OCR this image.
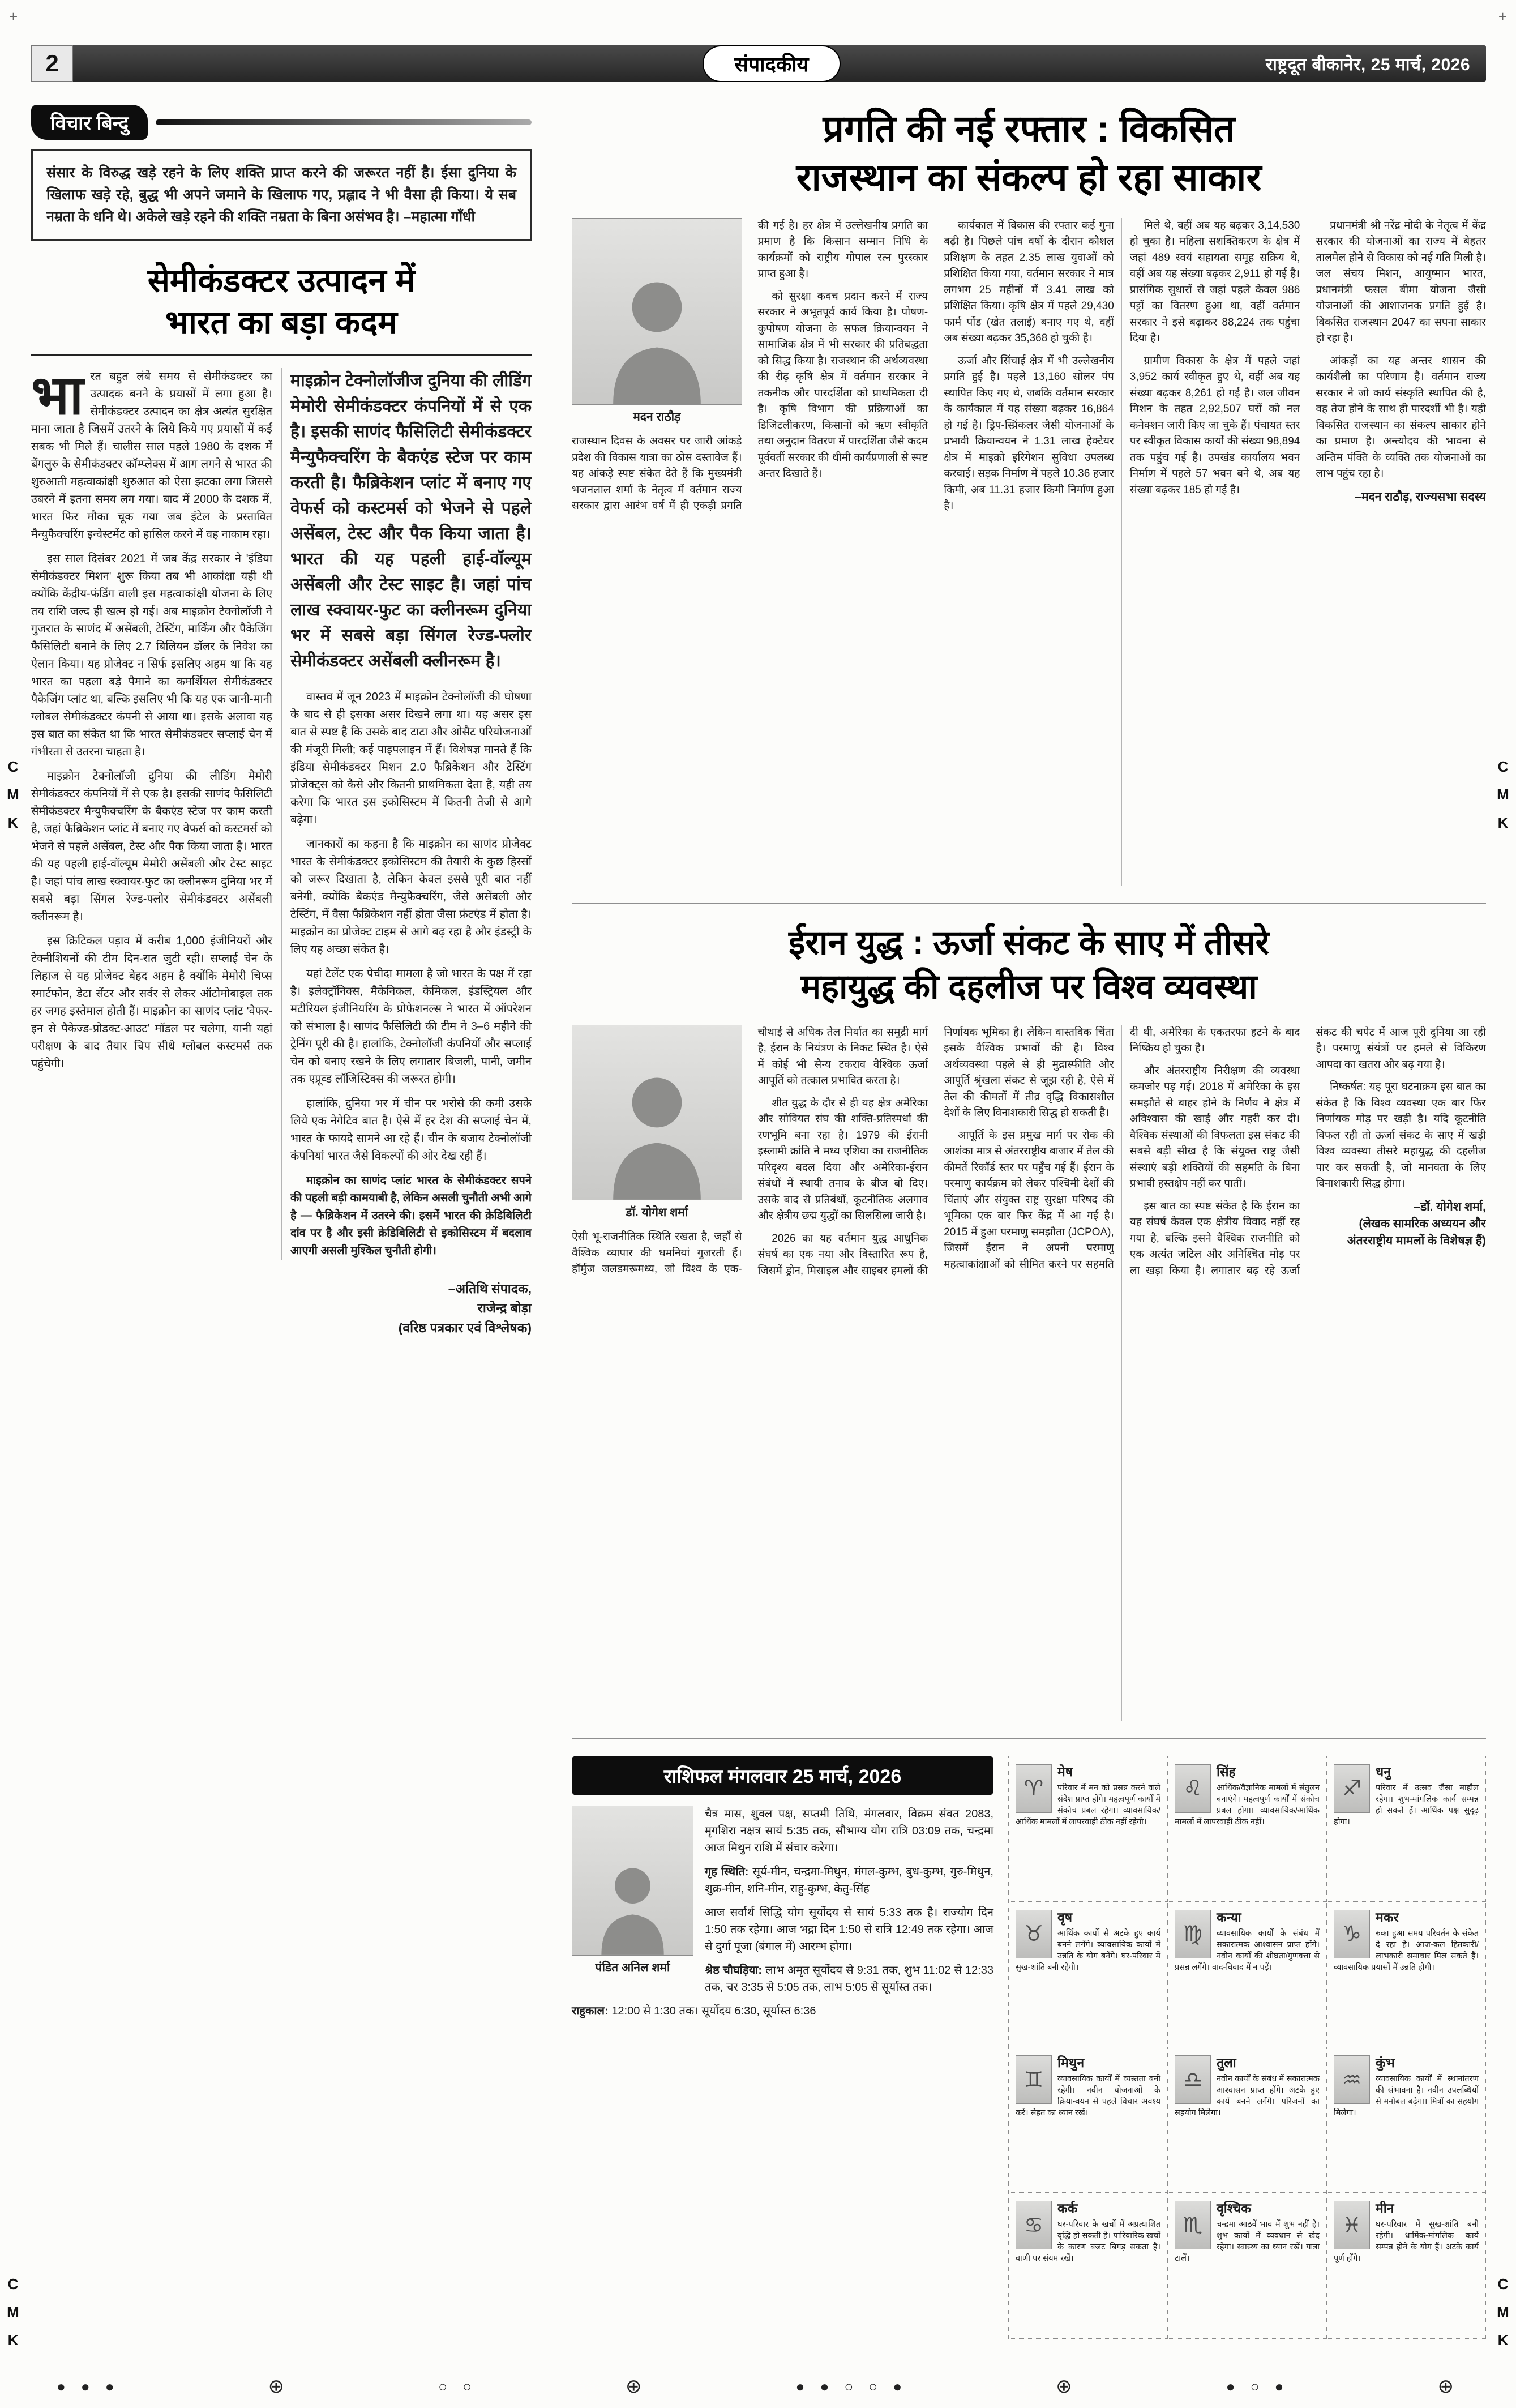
2	संपादकीय	राष्ट्रदूत बीकानेर, 25 मार्च, 2026
विचार बिन्दु
संसार के विरुद्ध खड़े रहने के लिए शक्ति प्राप्त करने की जरूरत नहीं है। ईसा दुनिया के खिलाफ खड़े रहे, बुद्ध भी अपने जमाने के खिलाफ गए, प्रह्लाद ने भी वैसा ही किया। ये सब नम्रता के धनि थे। अकेले खड़े रहने की शक्ति नम्रता के बिना असंभव है। –महात्मा गाँधी
सेमीकंडक्टर उत्पादन में
भारत का बड़ा कदम

भारत बहुत लंबे समय से सेमीकंडक्टर का उत्पादक बनने के प्रयासों में लगा हुआ है। सेमीकंडक्टर उत्पादन का क्षेत्र अत्यंत सुरक्षित माना जाता है जिसमें उतरने के लिये किये गए प्रयासों में कई सबक भी मिले हैं। चालीस साल पहले 1980 के दशक में बेंगलुरु के सेमीकंडक्टर कॉम्प्लेक्स में आग लगने से भारत की शुरुआती महत्वाकांक्षी शुरुआत को ऐसा झटका लगा जिससे उबरने में इतना समय लग गया। बाद में 2000 के दशक में, भारत फिर मौका चूक गया जब इंटेल के प्रस्तावित मैन्युफैक्चरिंग इन्वेस्टमेंट को हासिल करने में वह नाकाम रहा।

इस साल दिसंबर 2021 में जब केंद्र सरकार ने 'इंडिया सेमीकंडक्टर मिशन' शुरू किया तब भी आकांक्षा यही थी क्योंकि केंद्रीय-फंडिंग वाली इस महत्वाकांक्षी योजना के लिए तय राशि जल्द ही खत्म हो गई। अब माइक्रोन टेक्नोलॉजी ने गुजरात के साणंद में असेंबली, टेस्टिंग, मार्किंग और पैकेजिंग फैसिलिटी बनाने के लिए 2.7 बिलियन डॉलर के निवेश का ऐलान किया। यह प्रोजेक्ट न सिर्फ इसलिए अहम था कि यह भारत का पहला बड़े पैमाने का कमर्शियल सेमीकंडक्टर पैकेजिंग प्लांट था, बल्कि इसलिए भी कि यह एक जानी-मानी ग्लोबल सेमीकंडक्टर कंपनी से आया था। इसके अलावा यह इस बात का संकेत था कि भारत सेमीकंडक्टर सप्लाई चेन में गंभीरता से उतरना चाहता है।

माइक्रोन टेक्नोलॉजी दुनिया की लीडिंग मेमोरी सेमीकंडक्टर कंपनियों में से एक है। इसकी साणंद फैसिलिटी सेमीकंडक्टर मैन्युफैक्चरिंग के बैकएंड स्टेज पर काम करती है, जहां फैब्रिकेशन प्लांट में बनाए गए वेफर्स को कस्टमर्स को भेजने से पहले असेंबल, टेस्ट और पैक किया जाता है। भारत की यह पहली हाई-वॉल्यूम मेमोरी असेंबली और टेस्ट साइट है। जहां पांच लाख स्क्वायर-फुट का क्लीनरूम दुनिया भर में सबसे बड़ा सिंगल रेज्ड-फ्लोर सेमीकंडक्टर असेंबली क्लीनरूम है।

इस क्रिटिकल पड़ाव में करीब 1,000 इंजीनियरों और टेक्नीशियनों की टीम दिन-रात जुटी रही। सप्लाई चेन के लिहाज से यह प्रोजेक्ट बेहद अहम है क्योंकि मेमोरी चिप्स स्मार्टफोन, डेटा सेंटर और सर्वर से लेकर ऑटोमोबाइल तक हर जगह इस्तेमाल होती हैं। माइक्रोन का साणंद प्लांट 'वेफर-इन से पैकेज्ड-प्रोडक्ट-आउट' मॉडल पर चलेगा, यानी यहां परीक्षण के बाद तैयार चिप सीधे ग्लोबल कस्टमर्स तक पहुंचेगी।

माइक्रोन टेक्नोलॉजीज दुनिया की लीडिंग मेमोरी सेमीकंडक्टर कंपनियों में से एक है। इसकी साणंद फैसिलिटी सेमीकंडक्टर मैन्युफैक्चरिंग के बैकएंड स्टेज पर काम करती है। फैब्रिकेशन प्लांट में बनाए गए वेफर्स को कस्टमर्स को भेजने से पहले असेंबल, टेस्ट और पैक किया जाता है। भारत की यह पहली हाई-वॉल्यूम असेंबली और टेस्ट साइट है। जहां पांच लाख स्क्वायर-फुट का क्लीनरूम दुनिया भर में सबसे बड़ा सिंगल रेज्ड-फ्लोर सेमीकंडक्टर असेंबली क्लीनरूम है।

वास्तव में जून 2023 में माइक्रोन टेक्नोलॉजी की घोषणा के बाद से ही इसका असर दिखने लगा था। यह असर इस बात से स्पष्ट है कि उसके बाद टाटा और ओसैट परियोजनाओं की मंजूरी मिली; कई पाइपलाइन में हैं। विशेषज्ञ मानते हैं कि इंडिया सेमीकंडक्टर मिशन 2.0 फैब्रिकेशन और टेस्टिंग प्रोजेक्ट्स को कैसे और कितनी प्राथमिकता देता है, यही तय करेगा कि भारत इस इकोसिस्टम में कितनी तेजी से आगे बढ़ेगा।

जानकारों का कहना है कि माइक्रोन का साणंद प्रोजेक्ट भारत के सेमीकंडक्टर इकोसिस्टम की तैयारी के कुछ हिस्सों को जरूर दिखाता है, लेकिन केवल इससे पूरी बात नहीं बनेगी, क्योंकि बैकएंड मैन्युफैक्चरिंग, जैसे असेंबली और टेस्टिंग, में वैसा फैब्रिकेशन नहीं होता जैसा फ्रंटएंड में होता है। माइक्रोन का प्रोजेक्ट टाइम से आगे बढ़ रहा है और इंडस्ट्री के लिए यह अच्छा संकेत है।

यहां टैलेंट एक पेचीदा मामला है जो भारत के पक्ष में रहा है। इलेक्ट्रॉनिक्स, मैकेनिकल, केमिकल, इंडस्ट्रियल और मटीरियल इंजीनियरिंग के प्रोफेशनल्स ने भारत में ऑपरेशन को संभाला है। साणंद फैसिलिटी की टीम ने 3–6 महीने की ट्रेनिंग पूरी की है। हालांकि, टेक्नोलॉजी कंपनियों और सप्लाई चेन को बनाए रखने के लिए लगातार बिजली, पानी, जमीन तक एप्रूव्ड लॉजिस्टिक्स की जरूरत होगी।

हालांकि, दुनिया भर में चीन पर भरोसे की कमी उसके लिये एक नेगेटिव बात है। ऐसे में हर देश की सप्लाई चेन में, भारत के फायदे सामने आ रहे हैं। चीन के बजाय टेक्नोलॉजी कंपनियां भारत जैसे विकल्पों की ओर देख रही हैं।

माइक्रोन का साणंद प्लांट भारत के सेमीकंडक्टर सपने की पहली बड़ी कामयाबी है, लेकिन असली चुनौती अभी आगे है — फैब्रिकेशन में उतरने की। इसमें भारत की क्रेडिबिलिटी दांव पर है और इसी क्रेडिबिलिटी से इकोसिस्टम में बदलाव आएगी असली मुश्किल चुनौती होगी।

–अतिथि संपादक,
राजेन्द्र बोड़ा
(वरिष्ठ पत्रकार एवं विश्लेषक)
प्रगति की नई रफ्तार : विकसित
राजस्थान का संकल्प हो रहा साकार
मदन राठौड़

राजस्थान दिवस के अवसर पर जारी आंकड़े प्रदेश की विकास यात्रा का ठोस दस्तावेज हैं। यह आंकड़े स्पष्ट संकेत देते हैं कि मुख्यमंत्री भजनलाल शर्मा के नेतृत्व में वर्तमान राज्य सरकार द्वारा आरंभ वर्ष में ही एकड़ी प्रगति की गई है। हर क्षेत्र में उल्लेखनीय प्रगति का प्रमाण है कि किसान सम्मान निधि के कार्यक्रमों को राष्ट्रीय गोपाल रत्न पुरस्कार प्राप्त हुआ है।

को सुरक्षा कवच प्रदान करने में राज्य सरकार ने अभूतपूर्व कार्य किया है। पोषण-कुपोषण योजना के सफल क्रियान्वयन ने सामाजिक क्षेत्र में भी सरकार की प्रतिबद्धता को सिद्ध किया है। राजस्थान की अर्थव्यवस्था की रीढ़ कृषि क्षेत्र में वर्तमान सरकार ने तकनीक और पारदर्शिता को प्राथमिकता दी है। कृषि विभाग की प्रक्रियाओं का डिजिटलीकरण, किसानों को ऋण स्वीकृति तथा अनुदान वितरण में पारदर्शिता जैसे कदम पूर्ववर्ती सरकार की धीमी कार्यप्रणाली से स्पष्ट अन्तर दिखाते हैं।

कार्यकाल में विकास की रफ्तार कई गुना बढ़ी है। पिछले पांच वर्षों के दौरान कौशल प्रशिक्षण के तहत 2.35 लाख युवाओं को प्रशिक्षित किया गया, वर्तमान सरकार ने मात्र लगभग 25 महीनों में 3.41 लाख को प्रशिक्षित किया। कृषि क्षेत्र में पहले 29,430 फार्म पोंड (खेत तलाई) बनाए गए थे, वहीं अब संख्या बढ़कर 35,368 हो चुकी है।

ऊर्जा और सिंचाई क्षेत्र में भी उल्लेखनीय प्रगति हुई है। पहले 13,160 सोलर पंप स्थापित किए गए थे, जबकि वर्तमान सरकार के कार्यकाल में यह संख्या बढ़कर 16,864 हो गई है। ड्रिप-स्प्रिंकलर जैसी योजनाओं के प्रभावी क्रियान्वयन ने 1.31 लाख हेक्टेयर क्षेत्र में माइक्रो इरिगेशन सुविधा उपलब्ध करवाई। सड़क निर्माण में पहले 10.36 हजार किमी, अब 11.31 हजार किमी निर्माण हुआ है।

मिले थे, वहीं अब यह बढ़कर 3,14,530 हो चुका है। महिला सशक्तिकरण के क्षेत्र में जहां 489 स्वयं सहायता समूह सक्रिय थे, वहीं अब यह संख्या बढ़कर 2,911 हो गई है। प्रासंगिक सुधारों से जहां पहले केवल 986 पट्टों का वितरण हुआ था, वहीं वर्तमान सरकार ने इसे बढ़ाकर 88,224 तक पहुंचा दिया है।

ग्रामीण विकास के क्षेत्र में पहले जहां 3,952 कार्य स्वीकृत हुए थे, वहीं अब यह संख्या बढ़कर 8,261 हो गई है। जल जीवन मिशन के तहत 2,92,507 घरों को नल कनेक्शन जारी किए जा चुके हैं। पंचायत स्तर पर स्वीकृत विकास कार्यों की संख्या 98,894 तक पहुंच गई है। उपखंड कार्यालय भवन निर्माण में पहले 57 भवन बने थे, अब यह संख्या बढ़कर 185 हो गई है।

प्रधानमंत्री श्री नरेंद्र मोदी के नेतृत्व में केंद्र सरकार की योजनाओं का राज्य में बेहतर तालमेल होने से विकास को नई गति मिली है। जल संचय मिशन, आयुष्मान भारत, प्रधानमंत्री फसल बीमा योजना जैसी योजनाओं की आशाजनक प्रगति हुई है। विकसित राजस्थान 2047 का सपना साकार हो रहा है।

आंकड़ों का यह अन्तर शासन की कार्यशैली का परिणाम है। वर्तमान राज्य सरकार ने जो कार्य संस्कृति स्थापित की है, वह तेज होने के साथ ही पारदर्शी भी है। यही विकसित राजस्थान का संकल्प साकार होने का प्रमाण है। अन्त्योदय की भावना से अन्तिम पंक्ति के व्यक्ति तक योजनाओं का लाभ पहुंच रहा है।

–मदन राठौड़, राज्यसभा सदस्य

ईरान युद्ध : ऊर्जा संकट के साए में तीसरे
महायुद्ध की दहलीज पर विश्व व्यवस्था
डॉ. योगेश शर्मा

ऐसी भू-राजनीतिक स्थिति रखता है, जहाँ से वैश्विक व्यापार की धमनियां गुजरती हैं। हॉर्मुज जलडमरूमध्य, जो विश्व के एक-चौथाई से अधिक तेल निर्यात का समुद्री मार्ग है, ईरान के नियंत्रण के निकट स्थित है। ऐसे में कोई भी सैन्य टकराव वैश्विक ऊर्जा आपूर्ति को तत्काल प्रभावित करता है।

शीत युद्ध के दौर से ही यह क्षेत्र अमेरिका और सोवियत संघ की शक्ति-प्रतिस्पर्धा की रणभूमि बना रहा है। 1979 की ईरानी इस्लामी क्रांति ने मध्य एशिया का राजनीतिक परिदृश्य बदल दिया और अमेरिका-ईरान संबंधों में स्थायी तनाव के बीज बो दिए। उसके बाद से प्रतिबंधों, कूटनीतिक अलगाव और क्षेत्रीय छद्म युद्धों का सिलसिला जारी है।

2026 का यह वर्तमान युद्ध आधुनिक संघर्ष का एक नया और विस्तारित रूप है, जिसमें ड्रोन, मिसाइल और साइबर हमलों की निर्णायक भूमिका है। लेकिन वास्तविक चिंता इसके वैश्विक प्रभावों की है। विश्व अर्थव्यवस्था पहले से ही मुद्रास्फीति और आपूर्ति श्रृंखला संकट से जूझ रही है, ऐसे में तेल की कीमतों में तीव्र वृद्धि विकासशील देशों के लिए विनाशकारी सिद्ध हो सकती है।

आपूर्ति के इस प्रमुख मार्ग पर रोक की आशंका मात्र से अंतरराष्ट्रीय बाजार में तेल की कीमतें रिकॉर्ड स्तर पर पहुँच गई हैं। ईरान के परमाणु कार्यक्रम को लेकर पश्चिमी देशों की चिंताएं और संयुक्त राष्ट्र सुरक्षा परिषद की भूमिका एक बार फिर केंद्र में आ गई है। 2015 में हुआ परमाणु समझौता (JCPOA), जिसमें ईरान ने अपनी परमाणु महत्वाकांक्षाओं को सीमित करने पर सहमति दी थी, अमेरिका के एकतरफा हटने के बाद निष्क्रिय हो चुका है।

और अंतरराष्ट्रीय निरीक्षण की व्यवस्था कमजोर पड़ गई। 2018 में अमेरिका के इस समझौते से बाहर होने के निर्णय ने क्षेत्र में अविश्वास की खाई और गहरी कर दी। वैश्विक संस्थाओं की विफलता इस संकट की सबसे बड़ी सीख है कि संयुक्त राष्ट्र जैसी संस्थाएं बड़ी शक्तियों की सहमति के बिना प्रभावी हस्तक्षेप नहीं कर पातीं।

इस बात का स्पष्ट संकेत है कि ईरान का यह संघर्ष केवल एक क्षेत्रीय विवाद नहीं रह गया है, बल्कि इसने वैश्विक राजनीति को एक अत्यंत जटिल और अनिश्चित मोड़ पर ला खड़ा किया है। लगातार बढ़ रहे ऊर्जा संकट की चपेट में आज पूरी दुनिया आ रही है। परमाणु संयंत्रों पर हमले से विकिरण आपदा का खतरा और बढ़ गया है।

निष्कर्षत: यह पूरा घटनाक्रम इस बात का संकेत है कि विश्व व्यवस्था एक बार फिर निर्णायक मोड़ पर खड़ी है। यदि कूटनीति विफल रही तो ऊर्जा संकट के साए में खड़ी विश्व व्यवस्था तीसरे महायुद्ध की दहलीज पार कर सकती है, जो मानवता के लिए विनाशकारी सिद्ध होगा।

–डॉ. योगेश शर्मा,
(लेखक सामरिक अध्ययन और अंतरराष्ट्रीय मामलों के विशेषज्ञ हैं)
राशिफल मंगलवार 25 मार्च, 2026
पंडित अनिल शर्मा

चैत्र मास, शुक्ल पक्ष, सप्तमी तिथि, मंगलवार, विक्रम संवत 2083, मृगशिरा नक्षत्र सायं 5:35 तक, सौभाग्य योग रात्रि 03:09 तक, चन्द्रमा आज मिथुन राशि में संचार करेगा।

गृह स्थिति: सूर्य-मीन, चन्द्रमा-मिथुन, मंगल-कुम्भ, बुध-कुम्भ, गुरु-मिथुन, शुक्र-मीन, शनि-मीन, राहु-कुम्भ, केतु-सिंह

आज सर्वार्थ सिद्धि योग सूर्योदय से सायं 5:33 तक है। राज्योग दिन 1:50 तक रहेगा। आज भद्रा दिन 1:50 से रात्रि 12:49 तक रहेगा। आज से दुर्गा पूजा (बंगाल में) आरम्भ होगा।

श्रेष्ठ चौघड़िया: लाभ अमृत सूर्योदय से 9:31 तक, शुभ 11:02 से 12:33 तक, चर 3:35 से 5:05 तक, लाभ 5:05 से सूर्यास्त तक।

राहुकाल: 12:00 से 1:30 तक। सूर्योदय 6:30, सूर्यास्त 6:36

♈
मेष

परिवार में मन को प्रसन्न करने वाले संदेश प्राप्त होंगे। महत्वपूर्ण कार्यों में संकोच प्रबल रहेगा। व्यावसायिक/आर्थिक मामलों में लापरवाही ठीक नहीं रहेगी।

♉
वृष

आर्थिक कार्यों से अटके हुए कार्य बनने लगेंगे। व्यावसायिक कार्यों में उन्नति के योग बनेंगे। घर-परिवार में सुख-शांति बनी रहेगी।

♊
मिथुन

व्यावसायिक कार्यों में व्यस्तता बनी रहेगी। नवीन योजनाओं के क्रियान्वयन से पहले विचार अवश्य करें। सेहत का ध्यान रखें।

♋
कर्क

घर-परिवार के खर्चों में अप्रत्याशित वृद्धि हो सकती है। पारिवारिक खर्चों के कारण बजट बिगड़ सकता है। वाणी पर संयम रखें।

♌
सिंह

आर्थिक/वैज्ञानिक मामलों में संतुलन बनाएंगे। महत्वपूर्ण कार्यों में संकोच प्रबल होगा। व्यावसायिक/आर्थिक मामलों में लापरवाही ठीक नहीं।

♍
कन्या

व्यावसायिक कार्यों के संबंध में सकारात्मक आश्वासन प्राप्त होंगे। नवीन कार्यों की शीघ्रता/गुणवत्ता से प्रसन्न लगेंगे। वाद-विवाद में न पड़ें।

♎
तुला

नवीन कार्यों के संबंध में सकारात्मक आश्वासन प्राप्त होंगे। अटके हुए कार्य बनने लगेंगे। परिजनों का सहयोग मिलेगा।

♏
वृश्चिक

चन्द्रमा आठवें भाव में शुभ नहीं है। शुभ कार्यों में व्यवधान से खेद रहेगा। स्वास्थ्य का ध्यान रखें। यात्रा टालें।

♐
धनु

परिवार में उत्सव जैसा माहौल रहेगा। शुभ-मांगलिक कार्य सम्पन्न हो सकते हैं। आर्थिक पक्ष सुदृढ़ होगा।

♑
मकर

रुका हुआ समय परिवर्तन के संकेत दे रहा है। आज-कल हितकारी/लाभकारी समाचार मिल सकते हैं। व्यावसायिक प्रयासों में उन्नति होगी।

♒
कुंभ

व्यावसायिक कार्यों में स्थानांतरण की संभावना है। नवीन उपलब्धियों से मनोबल बढ़ेगा। मित्रों का सहयोग मिलेगा।

♓
मीन

घर-परिवार में सुख-शांति बनी रहेगी। धार्मिक-मांगलिक कार्य सम्पन्न होने के योग हैं। अटके कार्य पूर्ण होंगे।

C
M
K
C
M
K
C
M
K
C
M
K
+	+
● ● ●	⊕	○ ○	⊕	● ● ○ ○ ●	⊕	● ○ ●	⊕
